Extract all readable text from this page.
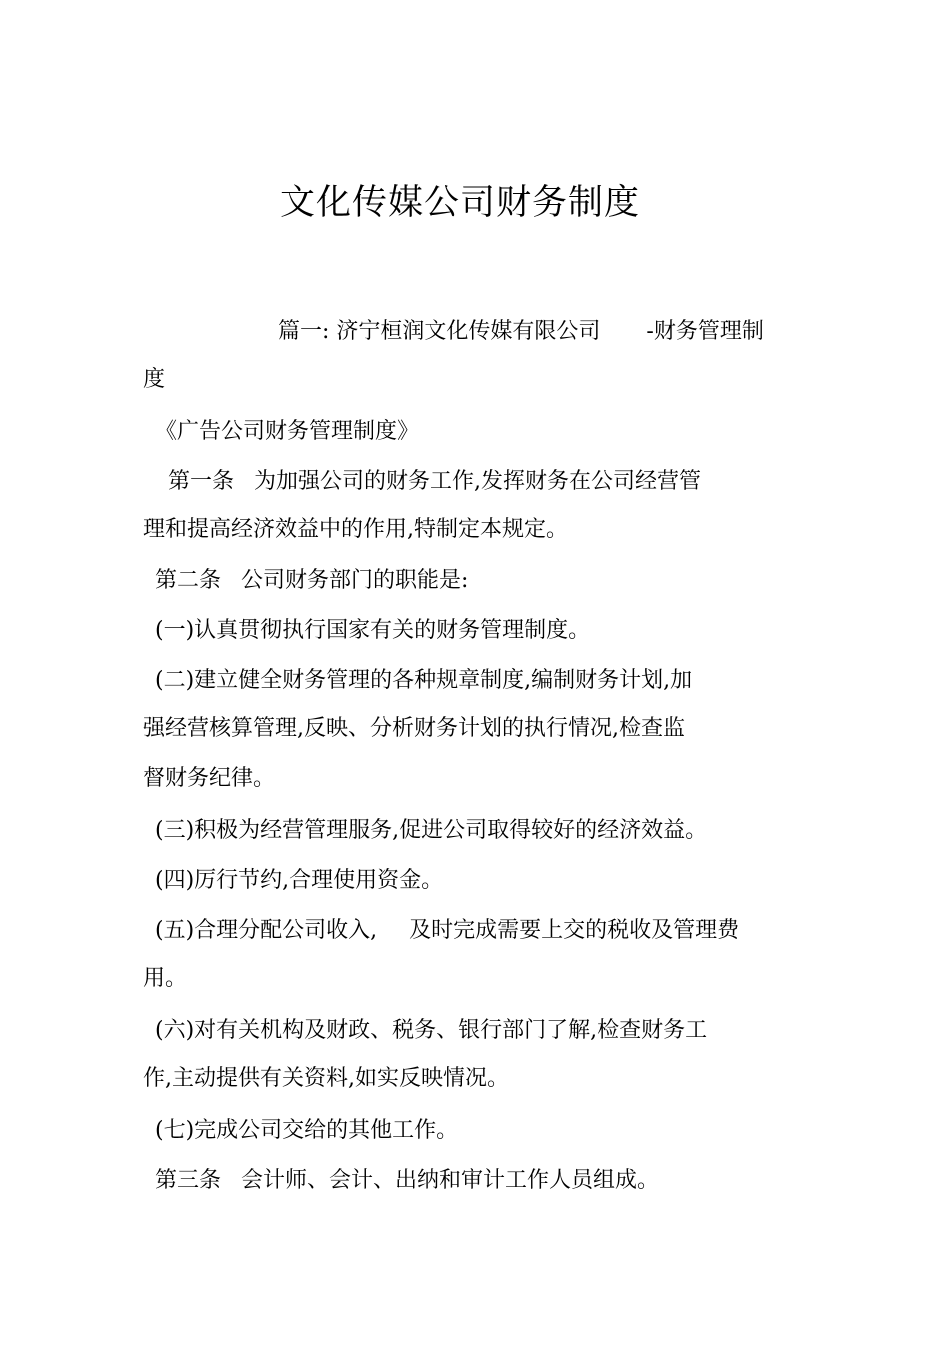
文化传媒公司财务制度
篇一: 济宁桓润文化传媒有限公司 -财务管理制
度
《广告公司财务管理制度》
第一条 为加强公司的财务工作,发挥财务在公司经营管
理和提高经济效益中的作用,特制定本规定。
第二条 公司财务部门的职能是:
(一)认真贯彻执行国家有关的财务管理制度。
(二)建立健全财务管理的各种规章制度,编制财务计划,加
强经营核算管理,反映、分析财务计划的执行情况,检查监
督财务纪律。
(三)积极为经营管理服务,促进公司取得较好的经济效益。
(四)厉行节约,合理使用资金。
(五)合理分配公司收入, 及时完成需要上交的税收及管理费
用。
(六)对有关机构及财政、税务、银行部门了解,检查财务工
作,主动提供有关资料,如实反映情况。
(七)完成公司交给的其他工作。
第三条 会计师、会计、出纳和审计工作人员组成。
